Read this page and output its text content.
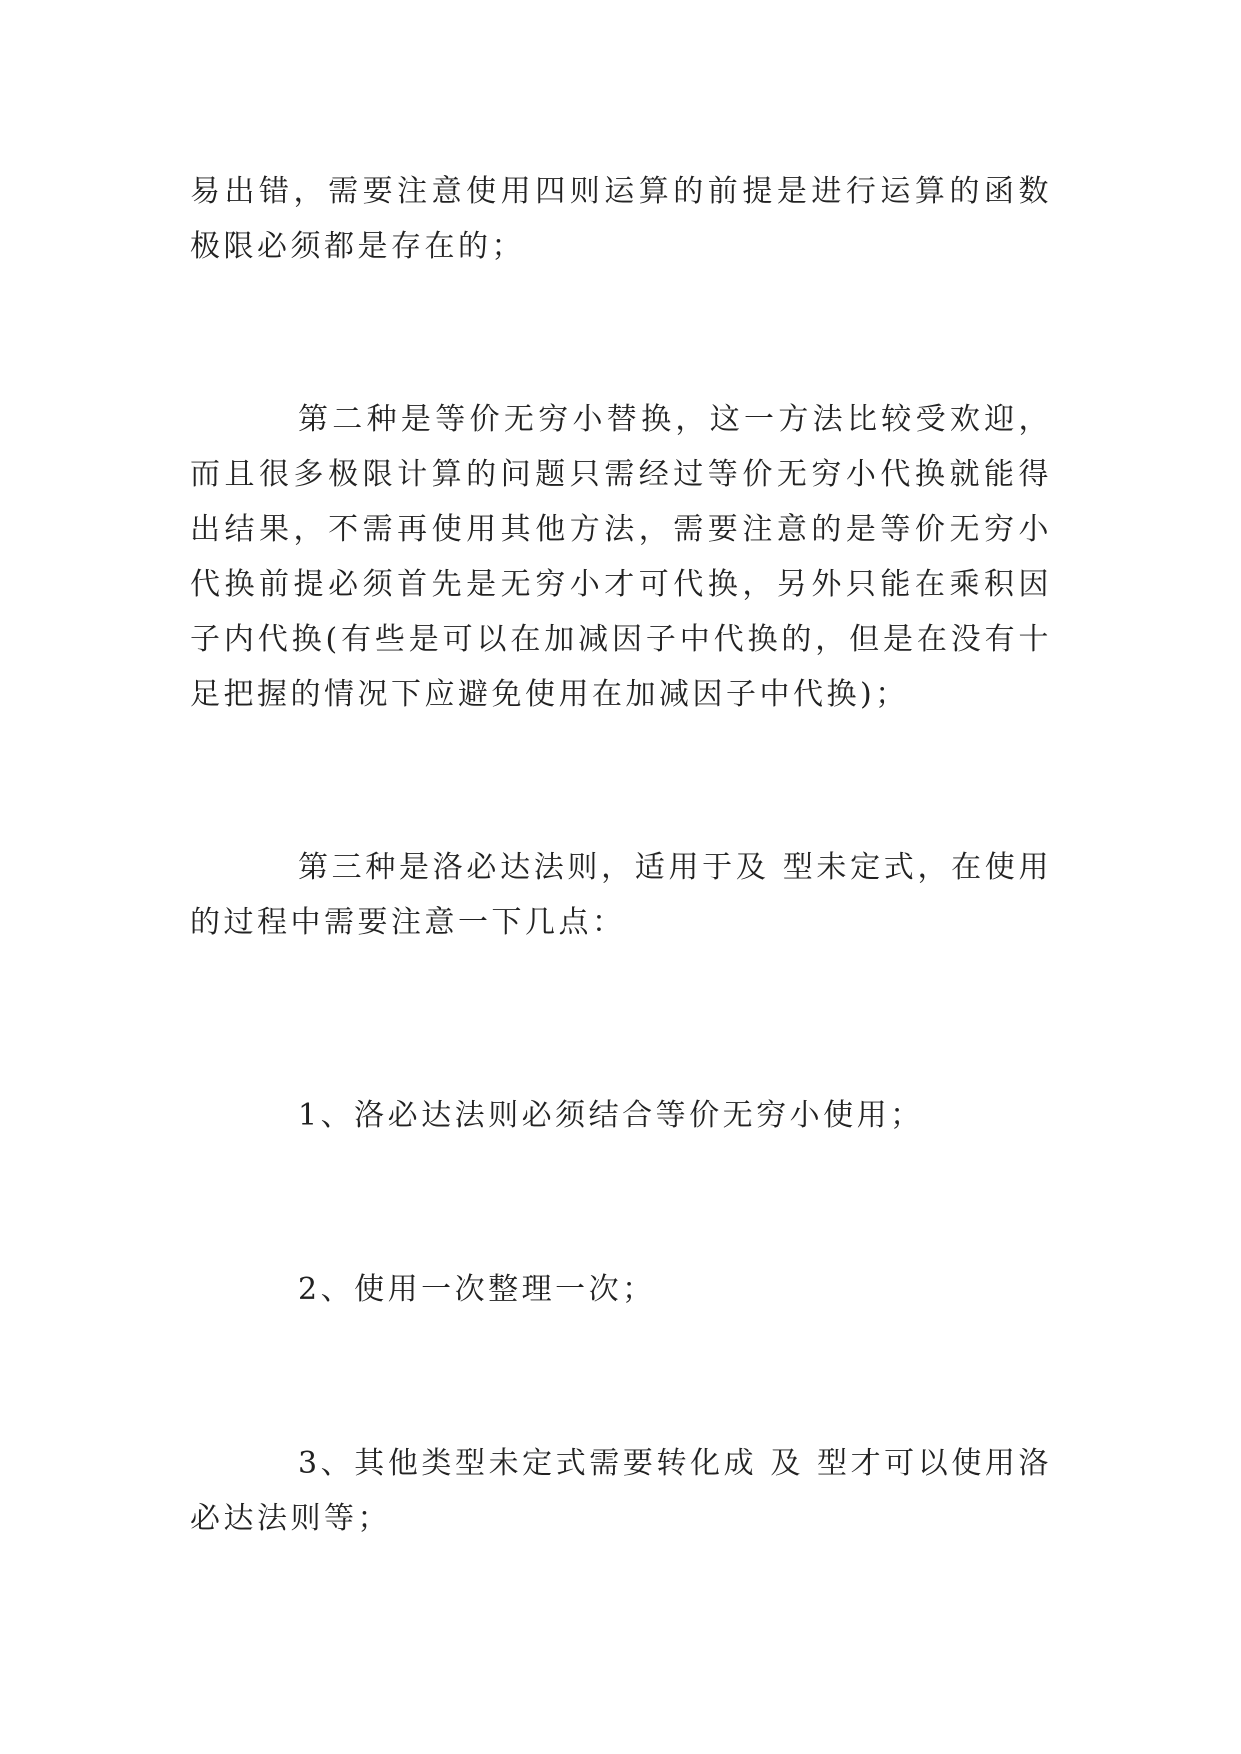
易出错，需要注意使用四则运算的前提是进行运算的函数极限必须都是存在的；

第二种是等价无穷小替换，这一方法比较受欢迎，而且很多极限计算的问题只需经过等价无穷小代换就能得出结果，不需再使用其他方法，需要注意的是等价无穷小代换前提必须首先是无穷小才可代换，另外只能在乘积因子内代换(有些是可以在加减因子中代换的，但是在没有十足把握的情况下应避免使用在加减因子中代换)；

第三种是洛必达法则，适用于及 型未定式，在使用的过程中需要注意一下几点：

1、洛必达法则必须结合等价无穷小使用；

2、使用一次整理一次；

3、其他类型未定式需要转化成 及 型才可以使用洛必达法则等；
